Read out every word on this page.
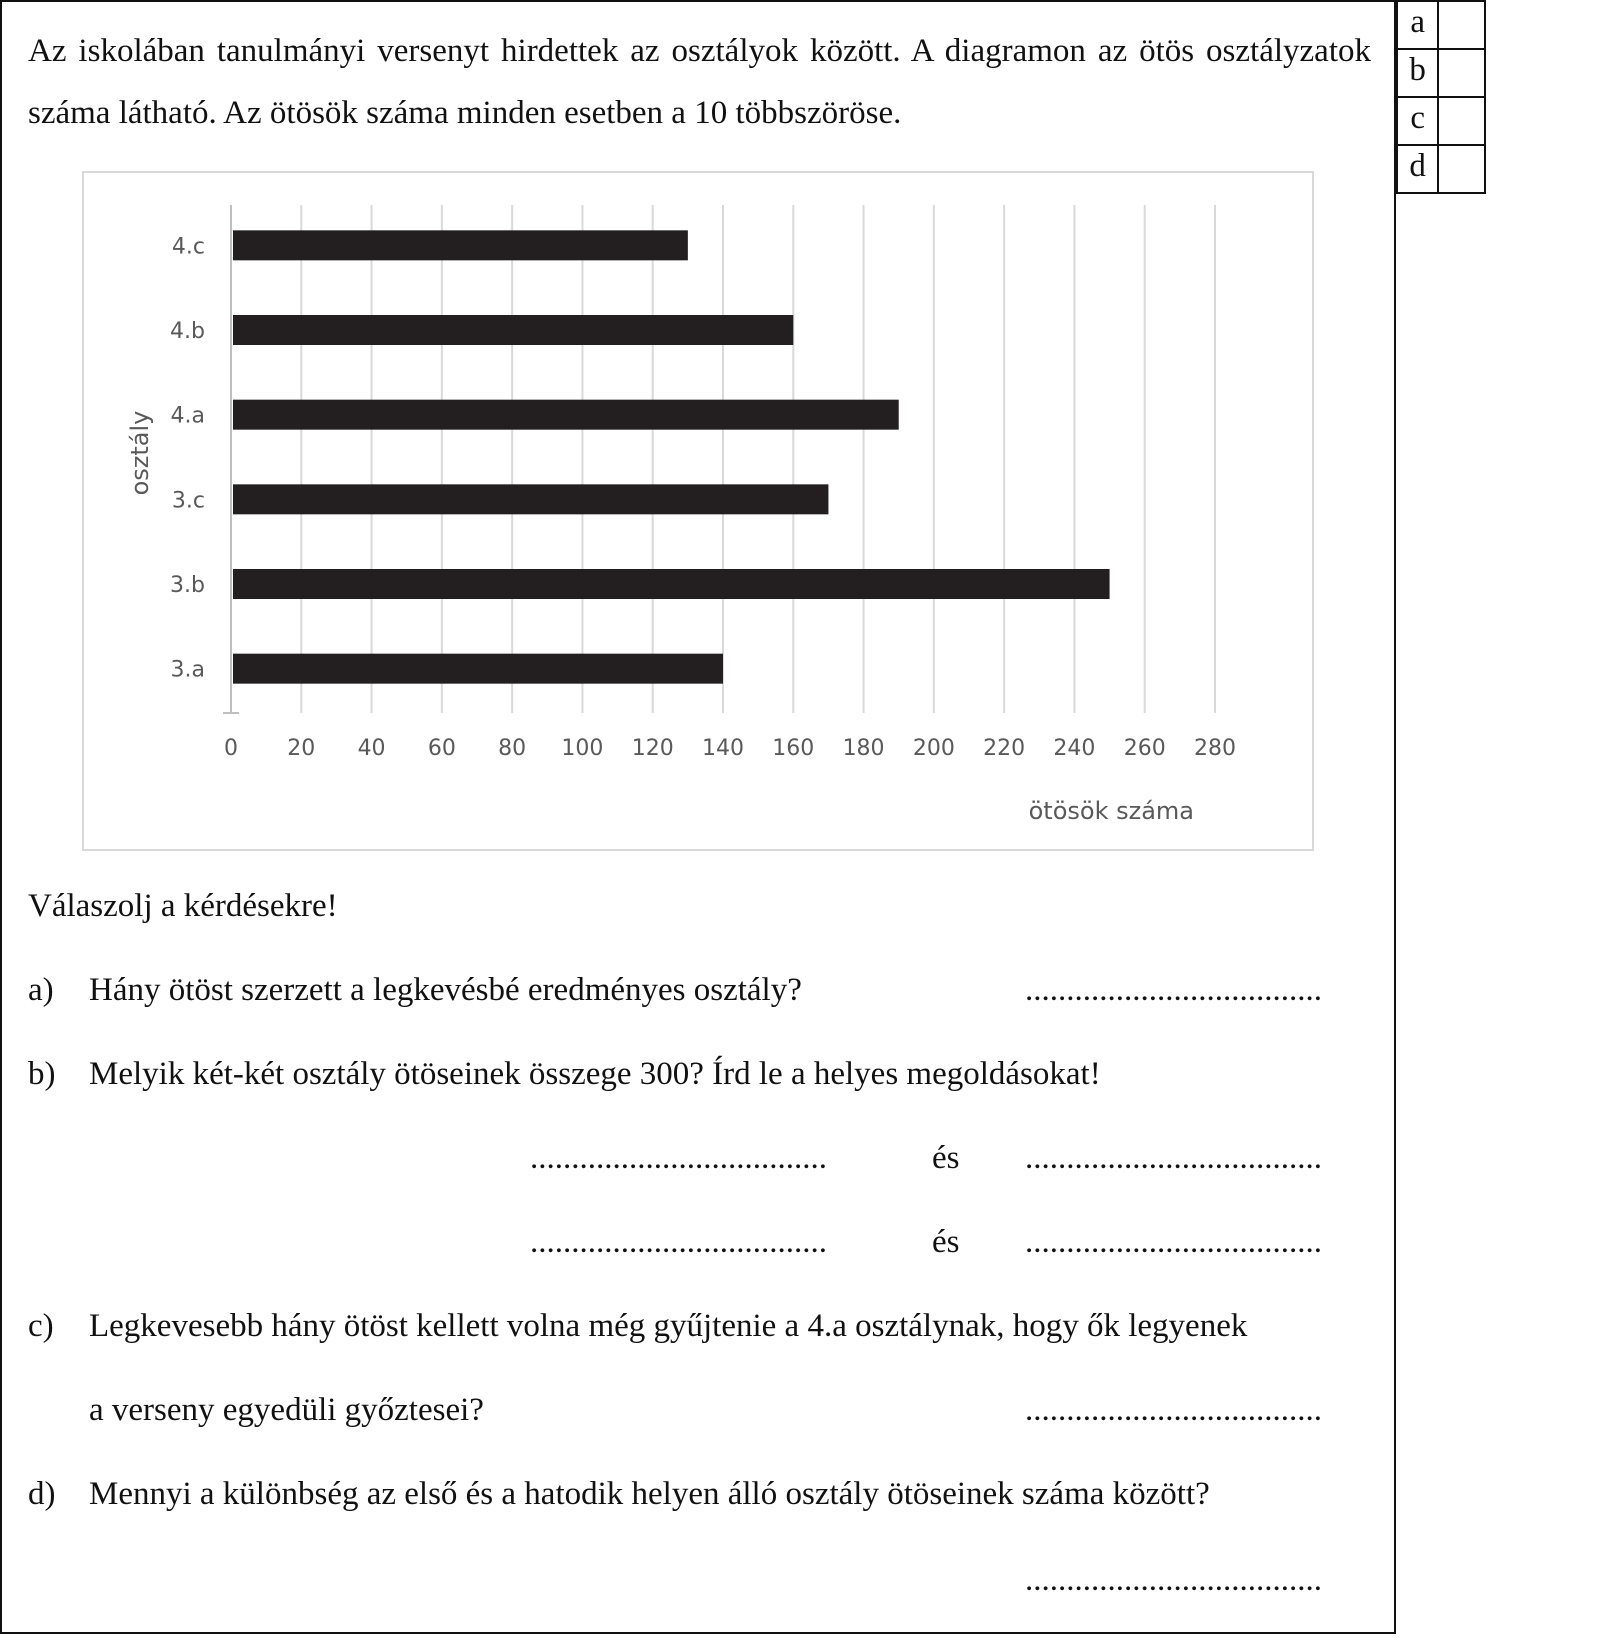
Az iskolában tanulmányi versenyt hirdettek az osztályok között. A diagramon az ötös osztályzatok száma látható. Az ötösök száma minden esetben a 10 többszöröse.

a	
b	
c	
d	
3.a
3.b
3.c
4.a
4.b
4.c
0 20 40 60 80 100 120 140 160 180 200 220 240 260 280
ötösök száma
osztály
Válaszolj a kérdésekre!
a) Hány ötöst szerzett a legkevésbé eredményes osztály?	....................................
b) Melyik két-két osztály ötöseinek összege 300? Írd le a helyes megoldásokat!
....................................	és ....................................
....................................	és ....................................
c) Legkevesebb hány ötöst kellett volna még gyűjtenie a 4.a osztálynak, hogy ők legyenek
a verseny egyedüli győztesei?	....................................
d) Mennyi a különbség az első és a hatodik helyen álló osztály ötöseinek száma között?
....................................
